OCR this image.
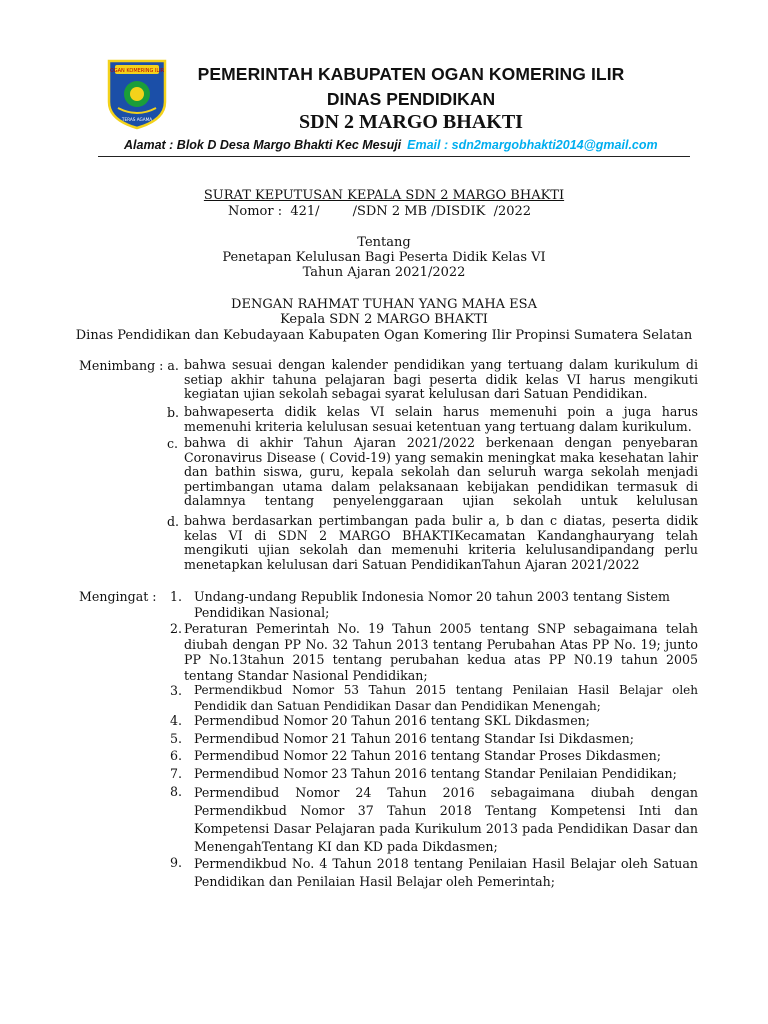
OGAN KOMERING ILIR
TERAS AGAMA
PEMERINTAH KABUPATEN OGAN KOMERING ILIR
DINAS PENDIDIKAN
SDN 2 MARGO BHAKTI
Alamat : Blok D Desa Margo Bhakti Kec Mesuji Email : sdn2margobhakti2014@gmail.com
SURAT KEPUTUSAN KEPALA SDN 2 MARGO BHAKTI
Nomor :  421/        /SDN 2 MB /DISDIK  /2022
Tentang
Penetapan Kelulusan Bagi Peserta Didik Kelas VI
Tahun Ajaran 2021/2022
DENGAN RAHMAT TUHAN YANG MAHA ESA
Kepala SDN 2 MARGO BHAKTI
Dinas Pendidikan dan Kebudayaan Kabupaten Ogan Komering Ilir Propinsi Sumatera Selatan
Menimbang : a. bahwa sesuai dengan kalender pendidikan yang tertuang dalam kurikulum di setiap akhir tahuna pelajaran bagi peserta didik kelas VI harus mengikuti kegiatan ujian sekolah sebagai syarat kelulusan dari Satuan Pendidikan.
b. bahwapeserta didik kelas VI selain harus memenuhi poin a juga harus memenuhi kriteria kelulusan sesuai ketentuan yang tertuang dalam kurikulum.
c. bahwa di akhir Tahun Ajaran 2021/2022 berkenaan dengan penyebaran Coronavirus Disease ( Covid-19) yang semakin meningkat maka kesehatan lahir dan bathin siswa, guru, kepala sekolah dan seluruh warga sekolah menjadi pertimbangan utama dalam pelaksanaan kebijakan pendidikan termasuk di dalamnya tentang penyelenggaraan ujian sekolah untuk kelulusan
d. bahwa berdasarkan pertimbangan pada bulir a, b dan c diatas, peserta didik kelas VI di SDN 2 MARGO BHAKTIKecamatan Kandanghauryang telah mengikuti ujian sekolah dan memenuhi kriteria kelulusandipandang perlu menetapkan kelulusan dari Satuan PendidikanTahun Ajaran 2021/2022
Mengingat : 1. Undang-undang Republik Indonesia Nomor 20 tahun 2003 tentang Sistem Pendidikan Nasional;
2. Peraturan Pemerintah No. 19 Tahun 2005 tentang SNP sebagaimana telah diubah dengan PP No. 32 Tahun 2013 tentang Perubahan Atas PP No. 19; junto PP No.13tahun 2015 tentang perubahan kedua atas PP N0.19 tahun 2005 tentang Standar Nasional Pendidikan;
3. Permendikbud Nomor 53 Tahun 2015 tentang Penilaian Hasil Belajar oleh Pendidik dan Satuan Pendidikan Dasar dan Pendidikan Menengah;
4. Permendibud Nomor 20 Tahun 2016 tentang SKL Dikdasmen;
5. Permendibud Nomor 21 Tahun 2016 tentang Standar Isi Dikdasmen;
6. Permendibud Nomor 22 Tahun 2016 tentang Standar Proses Dikdasmen;
7. Permendibud Nomor 23 Tahun 2016 tentang Standar Penilaian Pendidikan;
8. Permendibud Nomor 24 Tahun 2016 sebagaimana diubah dengan Permendikbud Nomor 37 Tahun 2018 Tentang Kompetensi Inti dan Kompetensi Dasar Pelajaran pada Kurikulum 2013 pada Pendidikan Dasar dan MenengahTentang KI dan KD pada Dikdasmen;
9. Permendikbud No. 4 Tahun 2018 tentang Penilaian Hasil Belajar oleh Satuan Pendidikan dan Penilaian Hasil Belajar oleh Pemerintah;
